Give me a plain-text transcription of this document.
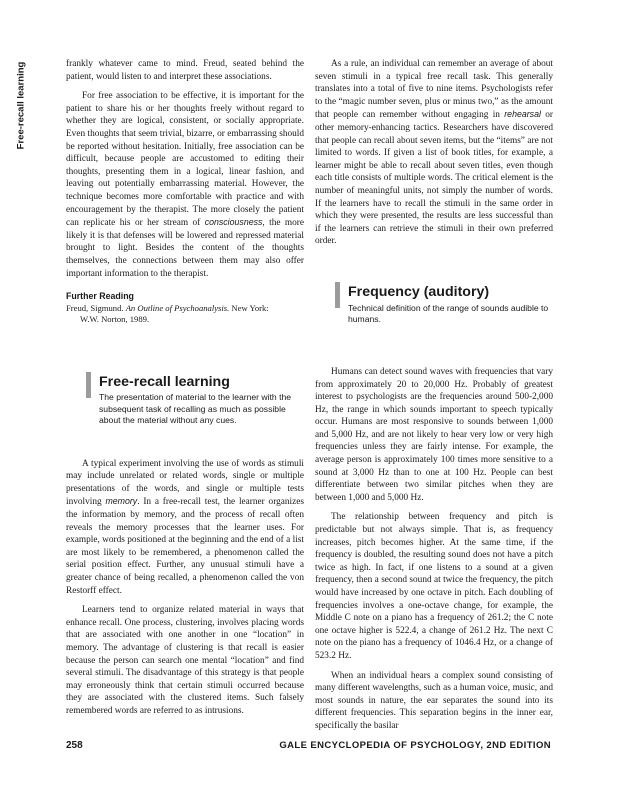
Free-recall learning	frankly whatever came to mind. Freud, seated behind the patient, would listen to and interpret these associations.

For free association to be effective, it is important for the patient to share his or her thoughts freely without regard to whether they are logical, consistent, or socially appropriate. Even thoughts that seem trivial, bizarre, or embarrassing should be reported without hesitation. Initially, free association can be difficult, because people are accustomed to editing their thoughts, presenting them in a logical, linear fashion, and leaving out potentially embarrassing material. However, the technique becomes more comfortable with practice and with encouragement by the therapist. The more closely the patient can replicate his or her stream of consciousness, the more likely it is that defenses will be lowered and repressed material brought to light. Besides the content of the thoughts themselves, the connections between them may also offer important information to the therapist.

Further Reading
Freud, Sigmund. An Outline of Psychoanalysis. New York:
W.W. Norton, 1989.
Free-recall learning
The presentation of material to the learner with the subsequent task of recalling as much as possible about the material without any cues.

A typical experiment involving the use of words as stimuli may include unrelated or related words, single or multiple presentations of the words, and single or multiple tests involving memory. In a free-recall test, the learner organizes the information by memory, and the process of recall often reveals the memory processes that the learner uses. For example, words positioned at the beginning and the end of a list are most likely to be remembered, a phenomenon called the serial position effect. Further, any unusual stimuli have a greater chance of being recalled, a phenomenon called the von Restorff effect.

Learners tend to organize related material in ways that enhance recall. One process, clustering, involves placing words that are associated with one another in one “location” in memory. The advantage of clustering is that recall is easier because the person can search one mental “location” and find several stimuli. The disadvantage of this strategy is that people may erroneously think that certain stimuli occurred because they are associated with the clustered items. Such falsely remembered words are referred to as intrusions.

As a rule, an individual can remember an average of about seven stimuli in a typical free recall task. This generally translates into a total of five to nine items. Psychologists refer to the “magic number seven, plus or minus two,” as the amount that people can remember without engaging in rehearsal or other memory-enhancing tactics. Researchers have discovered that people can recall about seven items, but the “items” are not limited to words. If given a list of book titles, for example, a learner might be able to recall about seven titles, even though each title consists of multiple words. The critical element is the number of meaningful units, not simply the number of words. If the learners have to recall the stimuli in the same order in which they were presented, the results are less successful than if the learners can retrieve the stimuli in their own preferred order.

Frequency (auditory)
Technical definition of the range of sounds audible to humans.

Humans can detect sound waves with frequencies that vary from approximately 20 to 20,000 Hz. Probably of greatest interest to psychologists are the frequencies around 500-2,000 Hz, the range in which sounds important to speech typically occur. Humans are most responsive to sounds between 1,000 and 5,000 Hz, and are not likely to hear very low or very high frequencies unless they are fairly intense. For example, the average person is approximately 100 times more sensitive to a sound at 3,000 Hz than to one at 100 Hz. People can best differentiate between two similar pitches when they are between 1,000 and 5,000 Hz.

The relationship between frequency and pitch is predictable but not always simple. That is, as frequency increases, pitch becomes higher. At the same time, if the frequency is doubled, the resulting sound does not have a pitch twice as high. In fact, if one listens to a sound at a given frequency, then a second sound at twice the frequency, the pitch would have increased by one octave in pitch. Each doubling of frequencies involves a one-octave change, for example, the Middle C note on a piano has a frequency of 261.2; the C note one octave higher is 522.4, a change of 261.2 Hz. The next C note on the piano has a frequency of 1046.4 Hz, or a change of 523.2 Hz.

When an individual hears a complex sound consisting of many different wavelengths, such as a human voice, music, and most sounds in nature, the ear separates the sound into its different frequencies. This separation begins in the inner ear, specifically the basilar

258	GALE ENCYCLOPEDIA OF PSYCHOLOGY, 2ND EDITION
